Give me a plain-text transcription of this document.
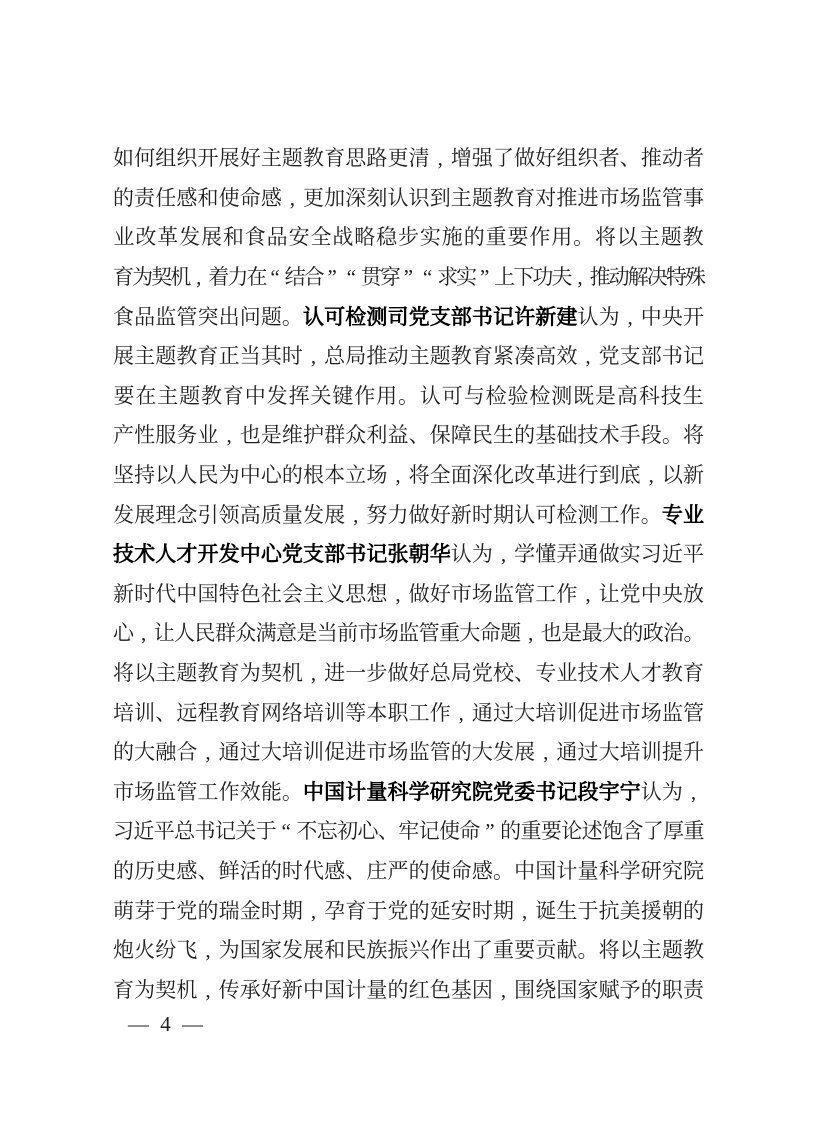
如 何 组 织 开 展 好 主 题 教 育 思 路 更 清 , 增 强 了 做 好 组 织 者 、 推 动 者
的 责 任 感 和 使 命 感 , 更 加 深 刻 认 识 到 主 题 教 育 对 推 进 市 场 监 管 事
业 改 革 发 展 和 食 品 安 全 战 略 稳 步 实 施 的 重 要 作 用 。 将 以 主 题 教
育
为
契
机 , 着
力
在 “ 结
合 ” “ 贯
穿 ” “ 求
实 ” 上
下
功
夫 , 推
动
解
决
特
殊
食 品 监 管 突 出 问 题 。 认 可 检 测 司 党 支 部 书 记 许 新 建 认 为 , 中 央 开
展 主 题 教 育 正 当 其 时 , 总 局 推 动 主 题 教 育 紧 凑 高 效 , 党 支 部 书 记
要 在 主 题 教 育 中 发 挥 关 键 作 用 。 认 可 与 检 验 检 测 既 是 高 科 技 生
产 性 服 务 业 , 也 是 维 护 群 众 利 益 、 保 障 民 生 的 基 础 技 术 手 段 。 将
坚 持 以 人 民 为 中 心 的 根 本 立 场 , 将 全 面 深 化 改 革 进 行 到 底 , 以 新
发 展 理 念 引 领 高 质 量 发 展 , 努 力 做 好 新 时 期 认 可 检 测 工 作 。 专 业
技 术 人 才 开 发 中 心 党 支 部 书 记 张 朝 华 认 为 , 学 懂 弄 通 做 实 习 近 平
新 时 代 中 国 特 色 社 会 主 义 思 想 , 做 好 市 场 监 管 工 作 , 让 党 中 央 放
心 , 让 人 民 群 众 满 意 是 当 前 市 场 监 管 重 大 命 题 , 也 是 最 大 的 政 治 。
将 以 主 题 教 育 为 契 机 , 进 一 步 做 好 总 局 党 校 、 专 业 技 术 人 才 教 育
培 训 、 远 程 教 育 网 络 培 训 等 本 职 工 作 , 通 过 大 培 训 促 进 市 场 监 管
的 大 融 合 , 通 过 大 培 训 促 进 市 场 监 管 的 大 发 展 , 通 过 大 培 训 提 升
市 场 监 管 工 作 效 能 。 中 国 计 量 科 学 研 究 院 党 委 书 记 段 宇 宁 认 为 ,
习 近 平 总 书 记 关 于 “ 不 忘 初 心 、 牢 记 使 命 ” 的 重 要 论 述 饱 含 了 厚 重
的 历 史 感 、 鲜 活 的 时 代 感 、 庄 严 的 使 命 感 。 中 国 计 量 科 学 研 究 院
萌 芽 于 党 的 瑞 金 时 期 , 孕 育 于 党 的 延 安 时 期 , 诞 生 于 抗 美 援 朝 的
炮 火 纷 飞 , 为 国 家 发 展 和 民 族 振 兴 作 出 了 重 要 贡 献 。 将 以 主 题 教
育 为 契 机 , 传 承 好 新 中 国 计 量 的 红 色 基 因 , 围 绕 国 家 赋 予 的 职 责
— 4 —
